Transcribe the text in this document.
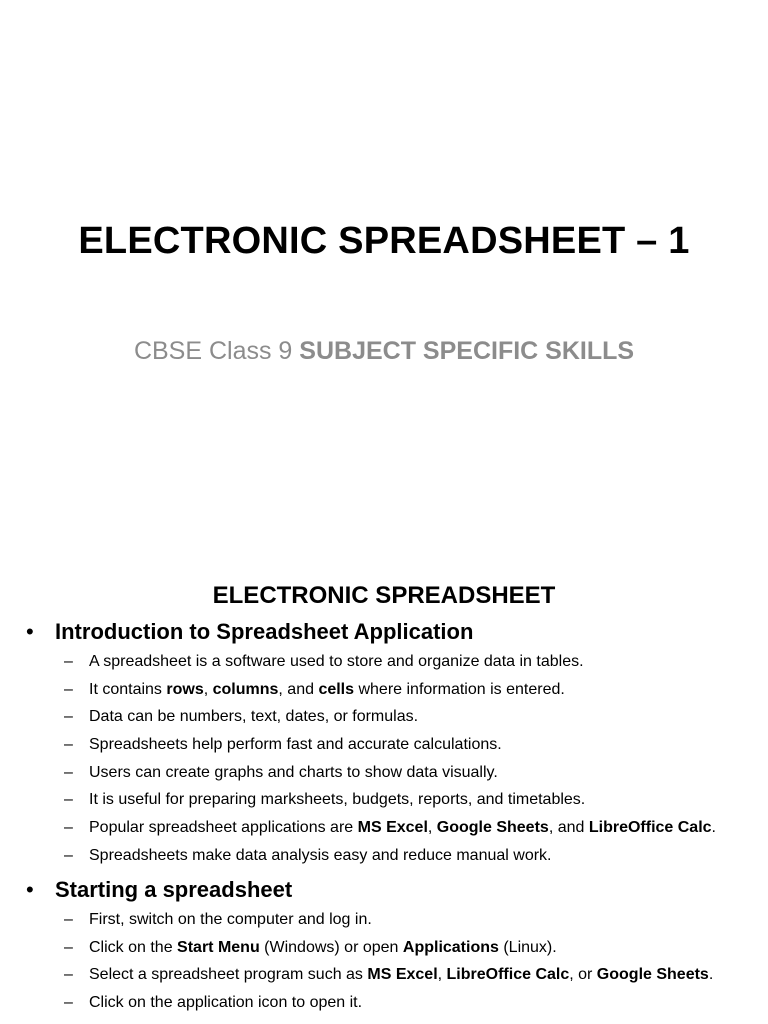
ELECTRONIC SPREADSHEET – 1
CBSE Class 9 SUBJECT SPECIFIC SKILLS
ELECTRONIC SPREADSHEET
• Introduction to Spreadsheet Application
– A spreadsheet is a software used to store and organize data in tables.
– It contains rows, columns, and cells where information is entered.
– Data can be numbers, text, dates, or formulas.
– Spreadsheets help perform fast and accurate calculations.
– Users can create graphs and charts to show data visually.
– It is useful for preparing marksheets, budgets, reports, and timetables.
– Popular spreadsheet applications are MS Excel, Google Sheets, and LibreOffice Calc.
– Spreadsheets make data analysis easy and reduce manual work.
• Starting a spreadsheet
– First, switch on the computer and log in.
– Click on the Start Menu (Windows) or open Applications (Linux).
– Select a spreadsheet program such as MS Excel, LibreOffice Calc, or Google Sheets.
– Click on the application icon to open it.
